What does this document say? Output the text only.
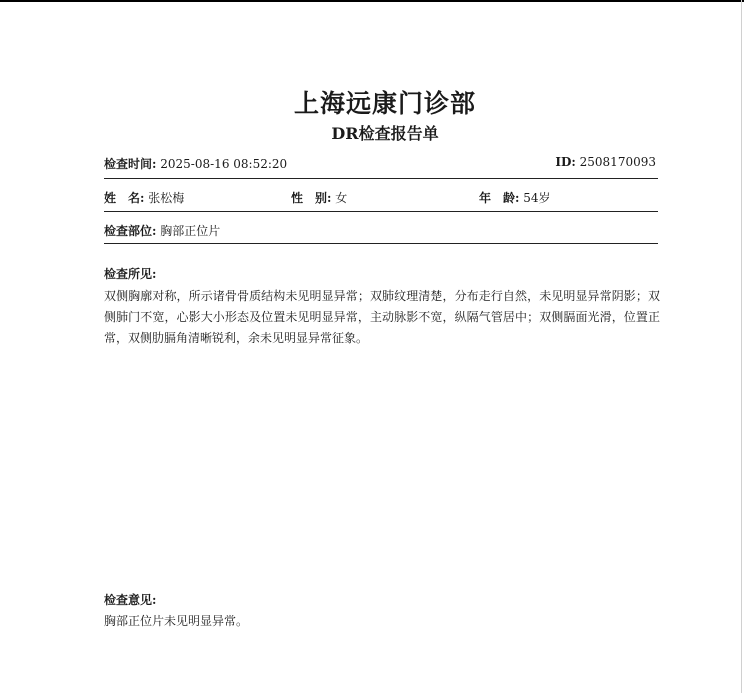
上海远康门诊部
DR检查报告单
检查时间: 2025-08-16 08:52:20	ID: 2508170093
姓　名: 张松梅	性　别: 女	年　龄: 54岁
检查部位: 胸部正位片
检查所见:
双侧胸廓对称，所示诸骨骨质结构未见明显异常；双肺纹理清楚，分布走行自然，未见明显异常阴影；双侧肺门不宽，心影大小形态及位置未见明显异常，主动脉影不宽，纵隔气管居中；双侧膈面光滑，位置正常，双侧肋膈角清晰锐利，余未见明显异常征象。
检查意见:
胸部正位片未见明显异常。
